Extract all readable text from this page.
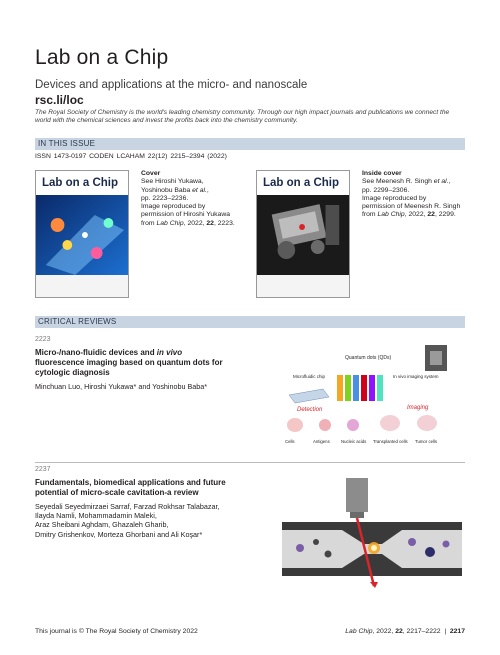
Lab on a Chip
Devices and applications at the micro- and nanoscale
rsc.li/loc
The Royal Society of Chemistry is the world's leading chemistry community. Through our high impact journals and publications we connect the world with the chemical sciences and invest the profits back into the chemistry community.
IN THIS ISSUE
ISSN 1473-0197 CODEN LCAHAM 22(12) 2215–2394 (2022)
Lab on a Chip
Cover
See Hiroshi Yukawa,
Yoshinobu Baba et al.,
pp. 2223–2236.
Image reproduced by
permission of Hiroshi Yukawa
from Lab Chip, 2022, 22, 2223.
Lab on a Chip
Inside cover
See Meenesh R. Singh et al.,
pp. 2299–2306.
Image reproduced by
permission of Meenesh R. Singh
from Lab Chip, 2022, 22, 2299.
CRITICAL REVIEWS
2223
Micro-/nano-fluidic devices and in vivo
fluorescence imaging based on quantum dots for
cytologic diagnosis
Minchuan Luo, Hiroshi Yukawa* and Yoshinobu Baba*
Quantum dots (QDs)
Microfluidic chip	In vivo imaging system
Detection	Imaging
Cells	Antigens	Nucleic acids Transplanted cells Tumor cells
2237
Fundamentals, biomedical applications and future
potential of micro-scale cavitation-a review
Seyedali Seyedmirzaei Sarraf, Farzad Rokhsar Talabazar,
Ilayda Namli, Mohammadamin Maleki,
Araz Sheibani Aghdam, Ghazaleh Gharib,
Dmitry Grishenkov, Morteza Ghorbani and Ali Koşar*
This journal is © The Royal Society of Chemistry 2022	Lab Chip, 2022, 22, 2217–2222  |  2217
